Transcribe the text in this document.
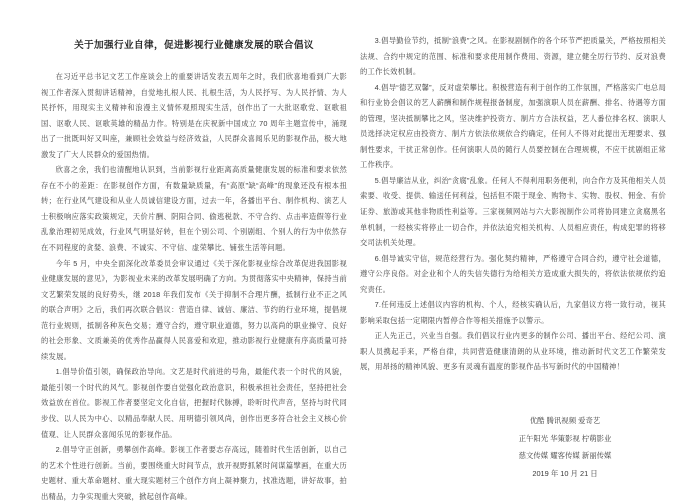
关于加强行业自律，促进影视行业健康发展的联合倡议

在习近平总书记文艺工作座谈会上的重要讲话发表五周年之时，我们欣喜地看到广大影视工作者深入贯彻讲话精神，自觉地扎根人民、扎根生活，为人民抒写、为人民抒情、为人民抒怀，用现实主义精神和浪漫主义情怀观照现实生活，创作出了一大批讴歌党、讴歌祖国、讴歌人民、讴歌英雄的精品力作。特别是在庆祝新中国成立 70 周年主题宣传中，涌现出了一批既叫好又叫座，兼顾社会效益与经济效益，人民群众喜闻乐见的影视作品，极大地激发了广大人民群众的爱国热情。

欣喜之余，我们也清醒地认识到，当前影视行业距离高质量健康发展的标准和要求依然存在不小的差距：在影视创作方面，有数量缺质量，有“高原”缺“高峰”的现象还没有根本扭转；在行业风气建设和从业人员诚信建设方面，过去一年，各播出平台、制作机构、演艺人士积极响应落实政策规定，天价片酬、阴阳合同、偷逃税款、不守合约、点击率造假等行业乱象治理初见成效，行业风气明显好转，但在个别公司、个别剧组、个别人的行为中依然存在不同程度的贪婪、浪费、不诚实、不守信、虚荣攀比、铺张生活等问题。

今年 5 月，中央全面深化改革委员会审议通过《关于深化影视业综合改革促进我国影视业健康发展的意见》，为影视业未来的改革发展明确了方向。为贯彻落实中央精神，保持当前文艺繁荣发展的良好势头，继 2018 年我们发布《关于抑制不合理片酬，抵制行业不正之风的联合声明》之后，我们再次联合倡议：营造自律、诚信、廉洁、节约的行业环境，提倡规范行业规则，抵制各种灰色交易；遵守合约，遵守职业道德，努力以高尚的职业操守、良好的社会形象、文质兼美的优秀作品赢得人民喜爱和欢迎，推动影视行业健康有序高质量可持续发展。

1.倡导价值引领，确保政治导向。文艺是时代前进的号角，最能代表一个时代的风貌，最能引领一个时代的风气。影视创作要自觉强化政治意识，积极承担社会责任，坚持把社会效益放在首位。影视工作者要坚定文化自信，把握时代脉搏，聆听时代声音，坚持与时代同步伐、以人民为中心、以精品奉献人民、用明德引领风尚，创作出更多符合社会主义核心价值观、让人民群众喜闻乐见的影视作品。

2.倡导守正创新，勇攀创作高峰。影视工作者要志存高远，随着时代生活创新，以自己的艺术个性进行创新。当前，要围绕重大时间节点，放开视野抓紧时间谋篇擘画，在重大历史题材、重大革命题材、重大现实题材三个创作方向上凝神聚力，找准选题，讲好故事，拍出精品，力争实现重大突破，掀起创作高峰。

3.倡导勤俭节约，抵制“浪费”之风。在影视剧制作的各个环节严把质量关，严格按照相关法规、合约中规定的范围、标准和要求使用制作费用、资源，建立健全厉行节约、反对浪费的工作长效机制。

4.倡导“德艺双馨”，反对虚荣攀比。积极营造有利于创作的工作氛围，严格落实广电总局和行业协会倡议的艺人薪酬和制作规程报备制度，加强演职人员在薪酬、排名、待遇等方面的管理，坚决抵制攀比之风，坚决维护投资方、制片方合法权益，艺人番位排名权、演职人员选择决定权应由投资方、制片方依法依规依合约确定，任何人不得对此提出无理要求、强制性要求，干扰正常创作。任何演职人员的随行人员要控制在合理规模，不应干扰剧组正常工作秩序。

5.倡导廉洁从业，纠治“贪腐”乱象。任何人不得利用职务便利，向合作方及其他相关人员索要、收受、提供、输送任何利益，包括但不限于现金、购物卡、实物、股权、佣金、有价证券、旅游或其他非物质性利益等。三家视频网站与六大影视制作公司将协同建立贪腐黑名单机制，一经核实将停止一切合作，并依法追究相关机构、人员相应责任，构成犯罪的将移交司法机关处理。

6.倡导诚实守信，规范经营行为。强化契约精神，严格遵守合同合约，遵守社会道德，遵守公序良俗。对企业和个人的失信失德行为给相关方造成重大损失的，将依法依规依约追究责任。

7.任何违反上述倡议内容的机构、个人，经核实确认后，九家倡议方将一致行动，视其影响采取包括一定期限内暂停合作等相关措施予以警示。

正人先正己，兴业当自强。我们倡议行业内更多的制作公司、播出平台、经纪公司、演职人员携起手来，严格自律，共同营造健康清朗的从业环境，推动新时代文艺工作繁荣发展，用昂扬的精神风貌、更多有灵魂有温度的影视作品书写新时代的中国精神！

优酷 腾讯视频 爱奇艺
正午阳光 华策影视 柠萌影业
慈文传媒 耀客传媒 新丽传媒
2019 年 10 月 21 日
